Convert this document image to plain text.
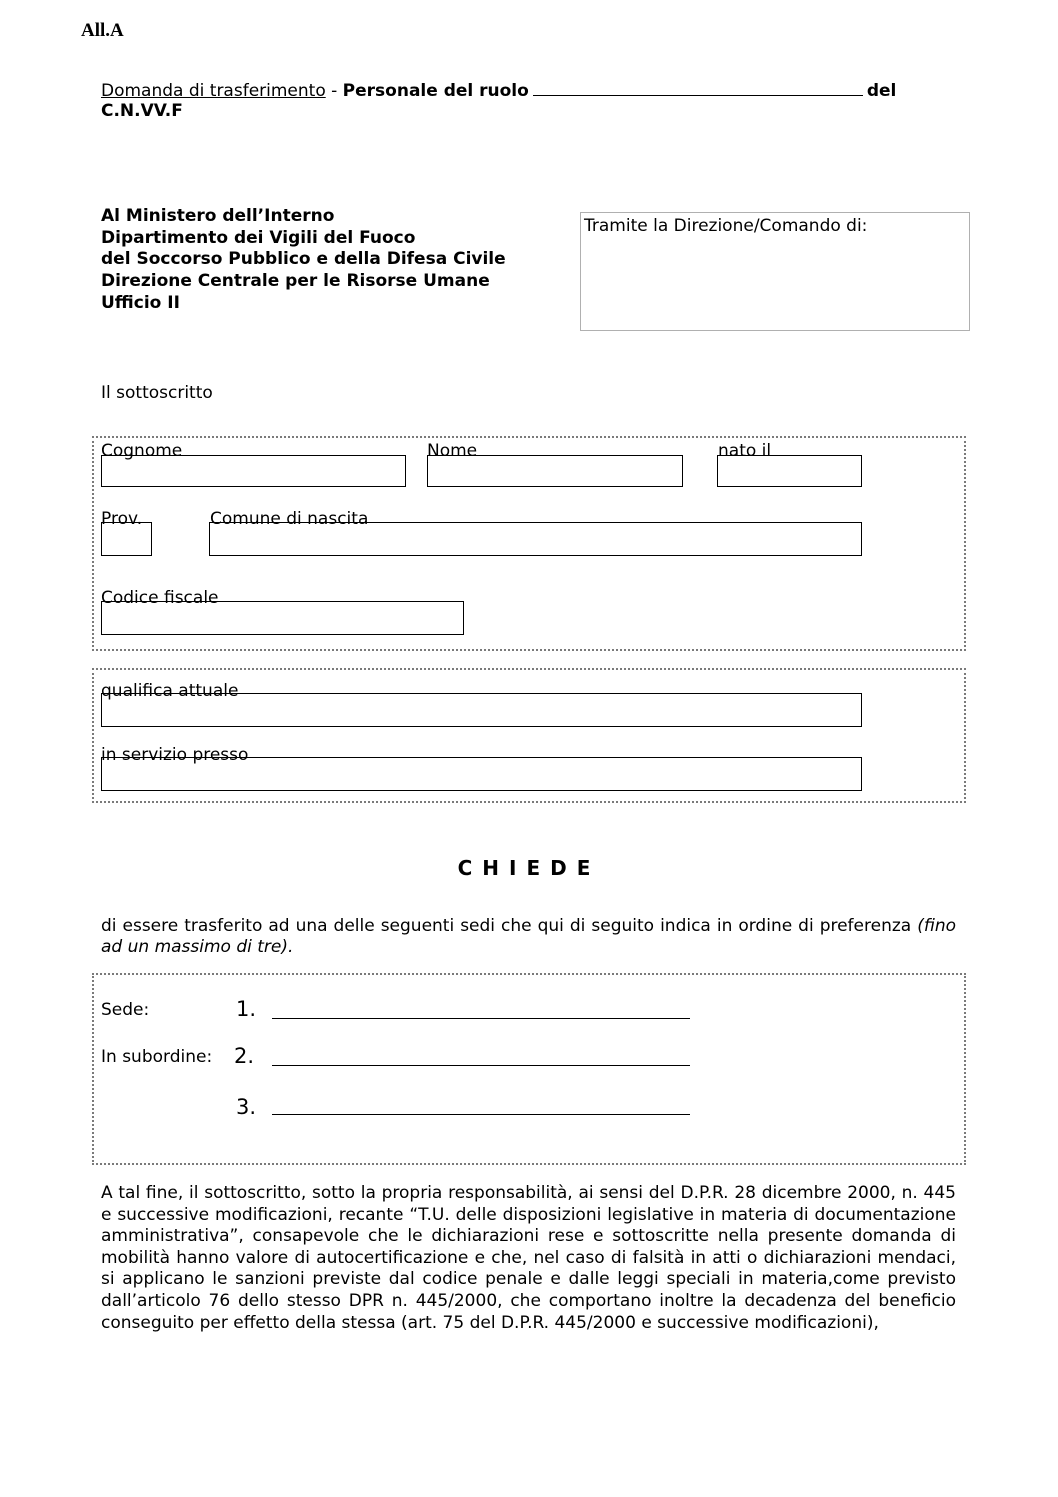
All.A
Domanda di trasferimento - Personale del ruolo	del
C.N.VV.F
Al Ministero dell’Interno
Dipartimento dei Vigili del Fuoco
del Soccorso Pubblico e della Difesa Civile
Direzione Centrale per le Risorse Umane
Ufficio II
Tramite la Direzione/Comando di:
Il sottoscritto
Cognome	Nome	nato il
Prov.	Comune di nascita
Codice fiscale
qualifica attuale
in servizio presso
CHIEDE
di essere trasferito ad una delle seguenti sedi che qui di seguito indica in ordine di preferenza (fino ad un massimo di tre).
Sede:	1.
In subordine: 2.
3.
A tal fine, il sottoscritto, sotto la propria responsabilità, ai sensi del D.P.R. 28 dicembre 2000, n. 445 e successive modificazioni, recante “T.U. delle disposizioni legislative in materia di documentazione amministrativa”, consapevole che le dichiarazioni rese e sottoscritte nella presente domanda di mobilità hanno valore di autocertificazione e che, nel caso di falsità in atti o dichiarazioni mendaci, si applicano le sanzioni previste dal codice penale e dalle leggi speciali in materia,come previsto dall’articolo 76 dello stesso DPR n. 445/2000, che comportano inoltre la decadenza del beneficio conseguito per effetto della stessa (art. 75 del D.P.R. 445/2000 e successive modificazioni),
